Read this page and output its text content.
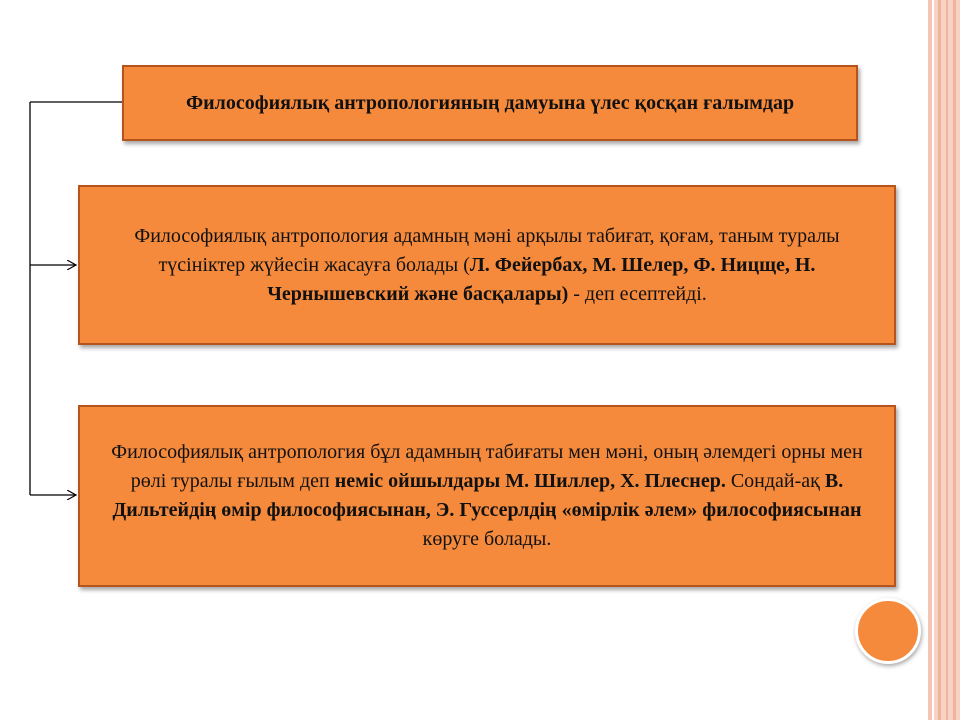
Философиялық антропологияның дамуына үлес қосқан ғалымдар

Философиялық антропология адамның мәні арқылы табиғат, қоғам, таным туралы түсініктер жүйесін жасауға болады (Л. Фейербах, М. Шелер, Ф. Ницще, Н. Чернышевский және басқалары) - деп есептейді.

Философиялық антропология бұл адамның табиғаты мен мәні, оның әлемдегі орны мен рөлі туралы ғылым деп неміс ойшылдары М. Шиллер, Х. Плеснер. Сондай-ақ В. Дильтейдің өмір философиясынан, Э. Гуссерлдің «өмірлік әлем» философиясынан көруге болады.
